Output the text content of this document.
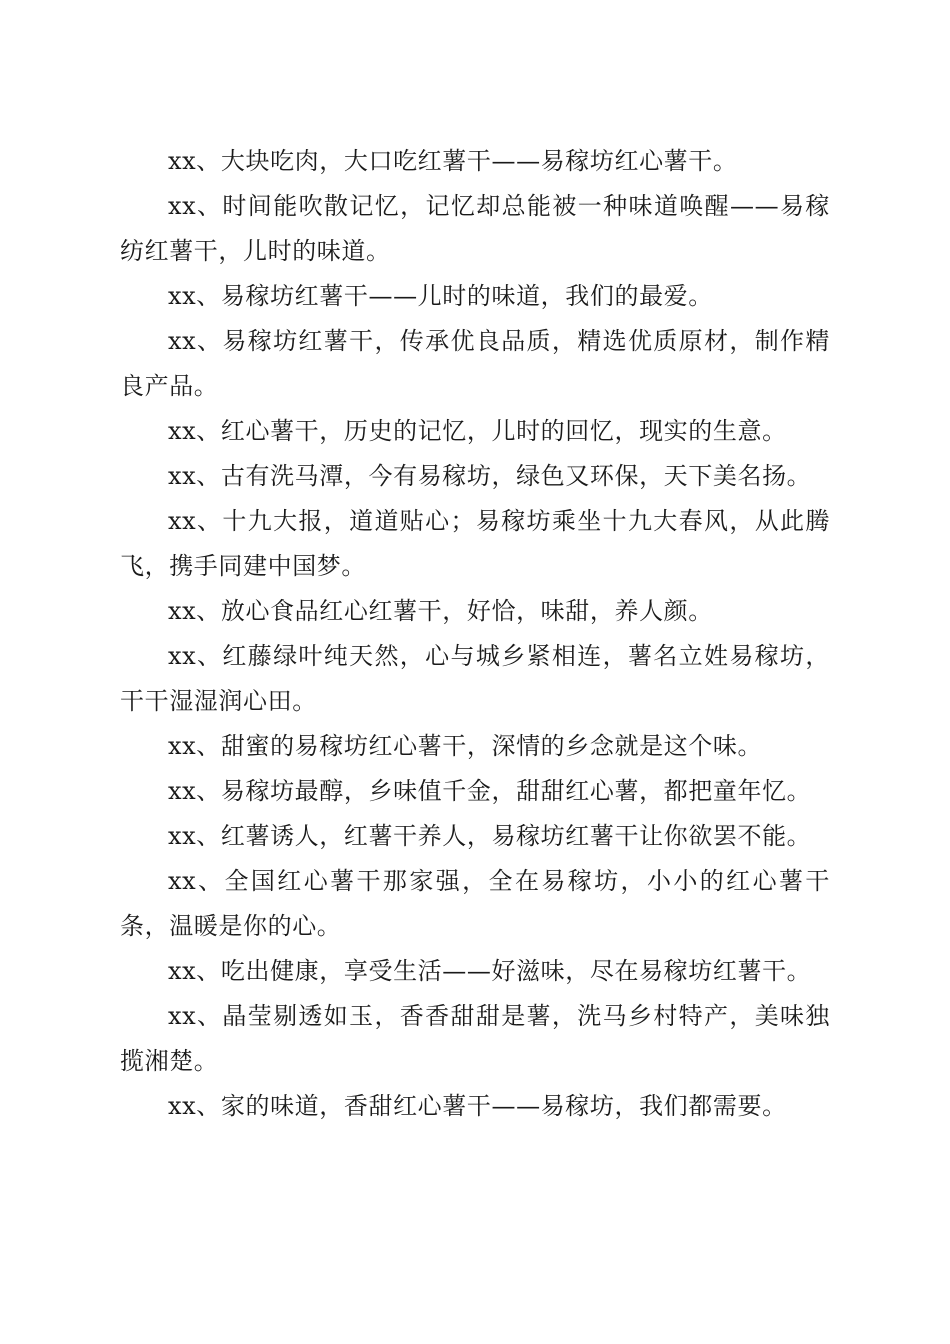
xx、大块吃肉，大口吃红薯干——易稼坊红心薯干。

xx、时间能吹散记忆，记忆却总能被一种味道唤醒——易稼纺红薯干，儿时的味道。

xx、易稼坊红薯干——儿时的味道，我们的最爱。

xx、易稼坊红薯干，传承优良品质，精选优质原材，制作精良产品。

xx、红心薯干，历史的记忆，儿时的回忆，现实的生意。

xx、古有洗马潭，今有易稼坊，绿色又环保，天下美名扬。

xx、十九大报，道道贴心；易稼坊乘坐十九大春风，从此腾飞，携手同建中国梦。

xx、放心食品红心红薯干，好恰，味甜，养人颜。

xx、红藤绿叶纯天然，心与城乡紧相连，薯名立姓易稼坊，干干湿湿润心田。

xx、甜蜜的易稼坊红心薯干，深情的乡念就是这个味。

xx、易稼坊最醇，乡味值千金，甜甜红心薯，都把童年忆。

xx、红薯诱人，红薯干养人，易稼坊红薯干让你欲罢不能。

xx、全国红心薯干那家强，全在易稼坊，小小的红心薯干条，温暖是你的心。

xx、吃出健康，享受生活——好滋味，尽在易稼坊红薯干。

xx、晶莹剔透如玉，香香甜甜是薯，洗马乡村特产，美味独揽湘楚。

xx、家的味道，香甜红心薯干——易稼坊，我们都需要。
